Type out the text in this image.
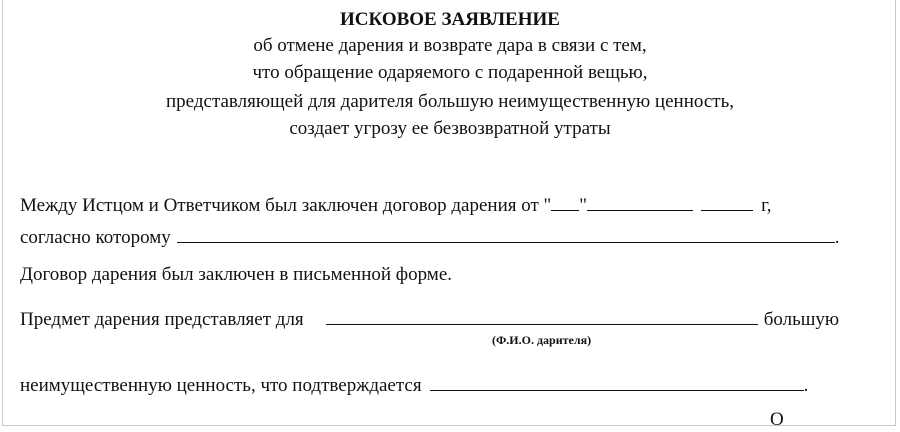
ИСКОВОЕ ЗАЯВЛЕНИЕ
об отмене дарения и возврате дара в связи с тем,
что обращение одаряемого с подаренной вещью,
представляющей для дарителя большую неимущественную ценность,
создает угрозу ее безвозвратной утраты
Между Истцом и Ответчиком был заключен договор дарения от " "	г,
согласно которому	.
Договор дарения был заключен в письменной форме.
Предмет дарения представляет для	большую
(Ф.И.О. дарителя)
неимущественную ценность, что подтверждается	.
О
